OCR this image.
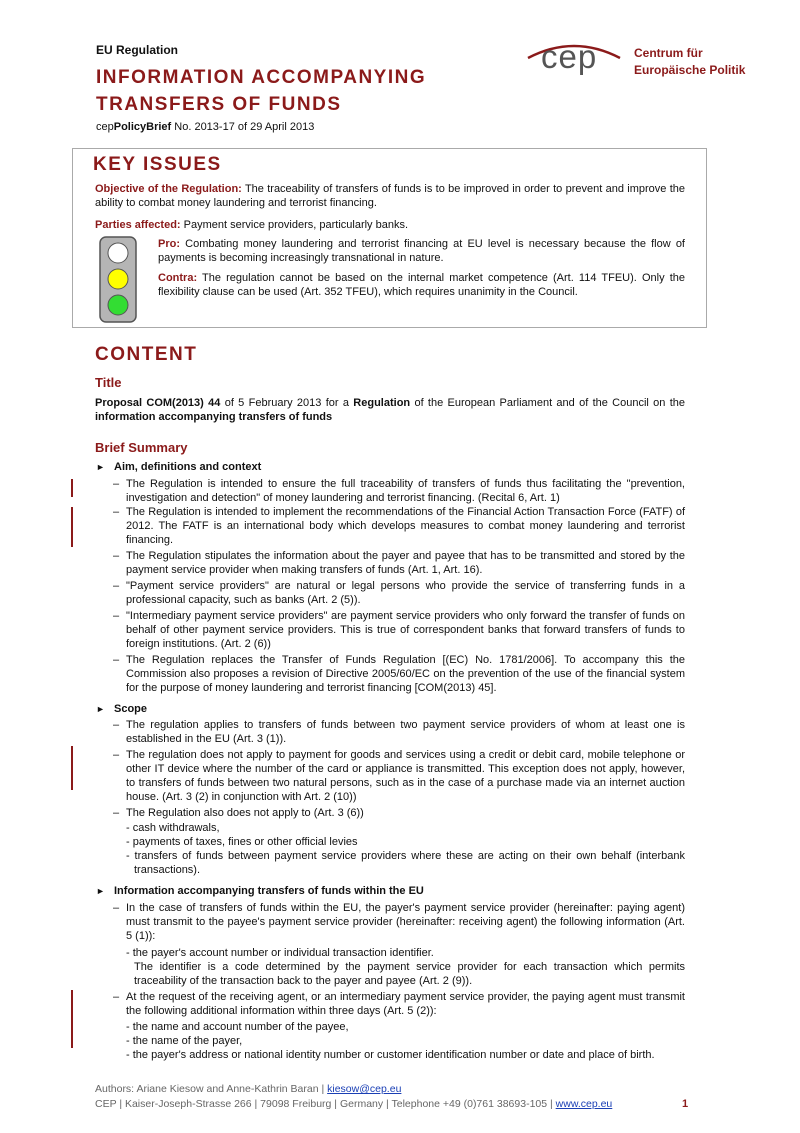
EU Regulation
INFORMATION ACCOMPANYING
TRANSFERS OF FUNDS
cepPolicyBrief No. 2013-17 of 29 April 2013
cep	Centrum für
Europäische Politik
KEY ISSUES
Objective of the Regulation: The traceability of transfers of funds is to be improved in order to prevent and improve the ability to combat money laundering and terrorist financing.
Parties affected: Payment service providers, particularly banks.
Pro: Combating money laundering and terrorist financing at EU level is necessary because the flow of payments is becoming increasingly transnational in nature.
Contra: The regulation cannot be based on the internal market competence (Art. 114 TFEU). Only the flexibility clause can be used (Art. 352 TFEU), which requires unanimity in the Council.
CONTENT
Title
Proposal COM(2013) 44 of 5 February 2013 for a Regulation of the European Parliament and of the Council on the information accompanying transfers of funds
Brief Summary
► Aim, definitions and context
– The Regulation is intended to ensure the full traceability of transfers of funds thus facilitating the "prevention, investigation and detection" of money laundering and terrorist financing. (Recital 6, Art. 1)
– The Regulation is intended to implement the recommendations of the Financial Action Transaction Force (FATF) of 2012. The FATF is an international body which develops measures to combat money laundering and terrorist financing.
– The Regulation stipulates the information about the payer and payee that has to be transmitted and stored by the payment service provider when making transfers of funds (Art. 1, Art. 16).
– "Payment service providers" are natural or legal persons who provide the service of transferring funds in a professional capacity, such as banks (Art. 2 (5)).
– "Intermediary payment service providers" are payment service providers who only forward the transfer of funds on behalf of other payment service providers. This is true of correspondent banks that forward transfers of funds to foreign institutions. (Art. 2 (6))
– The Regulation replaces the Transfer of Funds Regulation [(EC) No. 1781/2006]. To accompany this the Commission also proposes a revision of Directive 2005/60/EC on the prevention of the use of the financial system for the purpose of money laundering and terrorist financing [COM(2013) 45].
► Scope
– The regulation applies to transfers of funds between two payment service providers of whom at least one is established in the EU (Art. 3 (1)).
– The regulation does not apply to payment for goods and services using a credit or debit card, mobile telephone or other IT device where the number of the card or appliance is transmitted. This exception does not apply, however, to transfers of funds between two natural persons, such as in the case of a purchase made via an internet auction house. (Art. 3 (2) in conjunction with Art. 2 (10))
– The Regulation also does not apply to (Art. 3 (6))
- cash withdrawals,
- payments of taxes, fines or other official levies
- transfers of funds between payment service providers where these are acting on their own behalf (interbank transactions).
► Information accompanying transfers of funds within the EU
– In the case of transfers of funds within the EU, the payer's payment service provider (hereinafter: paying agent) must transmit to the payee's payment service provider (hereinafter: receiving agent) the following information (Art. 5 (1)):
- the payer's account number or individual transaction identifier.
The identifier is a code determined by the payment service provider for each transaction which permits traceability of the transaction back to the payer and payee (Art. 2 (9)).
– At the request of the receiving agent, or an intermediary payment service provider, the paying agent must transmit the following additional information within three days (Art. 5 (2)):
- the name and account number of the payee,
- the name of the payer,
- the payer's address or national identity number or customer identification number or date and place of birth.
Authors: Ariane Kiesow and Anne-Kathrin Baran | kiesow@cep.eu
CEP | Kaiser-Joseph-Strasse 266 | 79098 Freiburg | Germany | Telephone +49 (0)761 38693-105 | www.cep.eu	1
